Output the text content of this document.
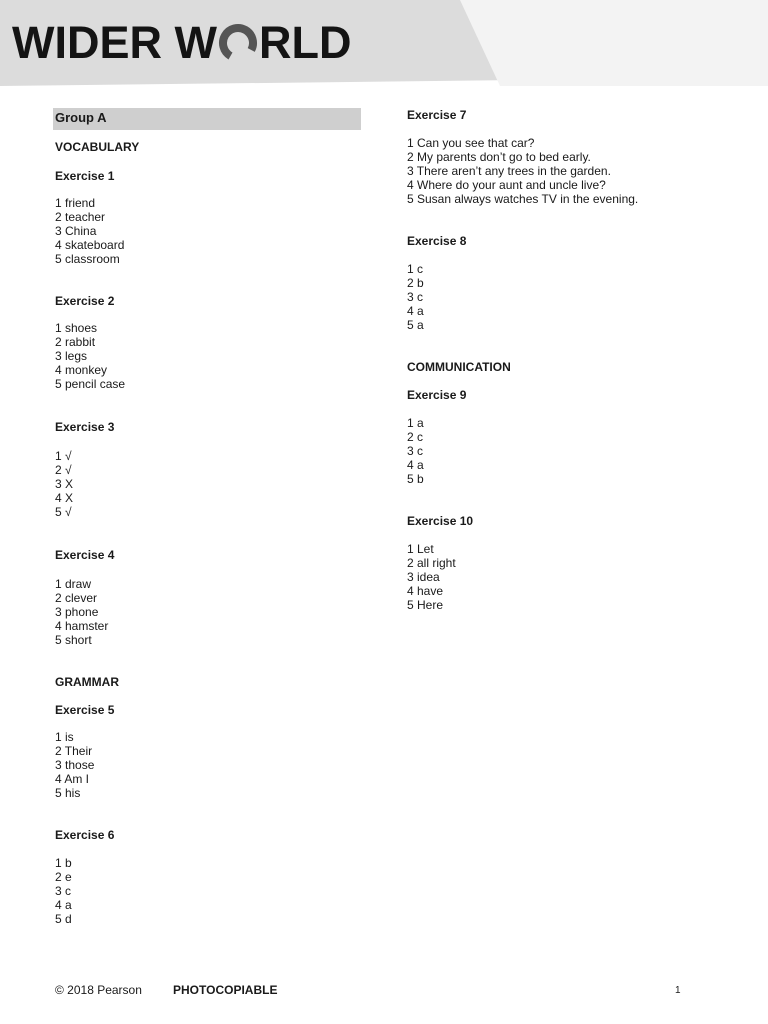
WIDER W RLD
Group A
VOCABULARY
Exercise 1
1 friend
2 teacher
3 China
4 skateboard
5 classroom
Exercise 2
1 shoes
2 rabbit
3 legs
4 monkey
5 pencil case
Exercise 3
1 √
2 √
3 X
4 X
5 √
Exercise 4
1 draw
2 clever
3 phone
4 hamster
5 short
GRAMMAR
Exercise 5
1 is
2 Their
3 those
4 Am I
5 his
Exercise 6
1 b
2 e
3 c
4 a
5 d
Exercise 7
1 Can you see that car?
2 My parents don’t go to bed early.
3 There aren’t any trees in the garden.
4 Where do your aunt and uncle live?
5 Susan always watches TV in the evening.
Exercise 8
1 c
2 b
3 c
4 a
5 a
COMMUNICATION
Exercise 9
1 a
2 c
3 c
4 a
5 b
Exercise 10
1 Let
2 all right
3 idea
4 have
5 Here
© 2018 Pearson	PHOTOCOPIABLE	1
